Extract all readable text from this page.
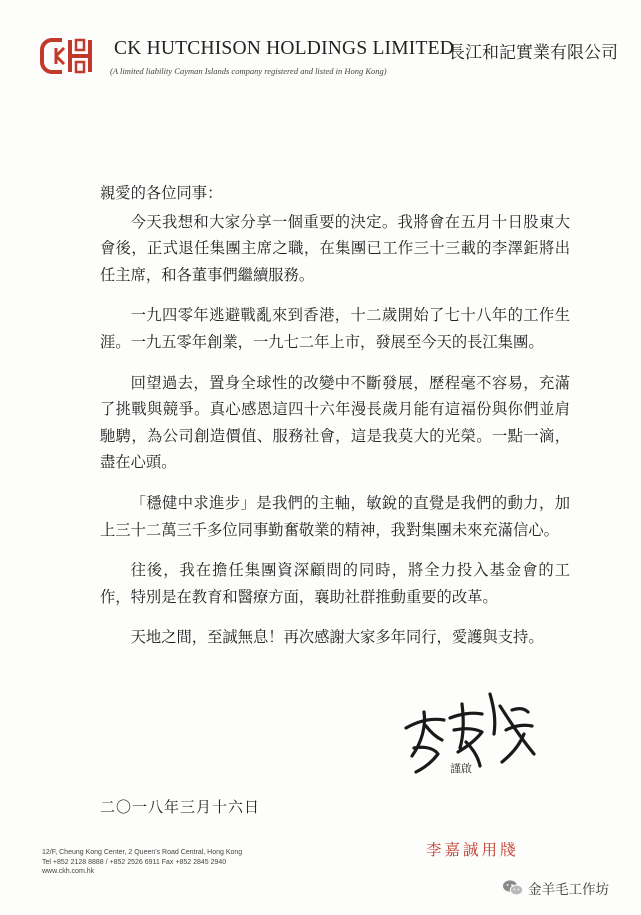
CK HUTCHISON HOLDINGS LIMITED
長江和記實業有限公司
(A limited liability Cayman Islands company registered and listed in Hong Kong)

親愛的各位同事：

今天我想和大家分享一個重要的決定。我將會在五月十日股東大會後，正式退任集團主席之職，在集團已工作三十三載的李澤鉅將出任主席，和各董事們繼續服務。

一九四零年逃避戰亂來到香港，十二歲開始了七十八年的工作生涯。一九五零年創業，一九七二年上市，發展至今天的長江集團。

回望過去，置身全球性的改變中不斷發展，歷程毫不容易，充滿了挑戰與競爭。真心感恩這四十六年漫長歲月能有這福份與你們並肩馳騁，為公司創造價值、服務社會，這是我莫大的光榮。一點一滴，盡在心頭。

「穩健中求進步」是我們的主軸，敏銳的直覺是我們的動力，加上三十二萬三千多位同事勤奮敬業的精神，我對集團未來充滿信心。

往後，我在擔任集團資深顧問的同時，將全力投入基金會的工作，特別是在教育和醫療方面，襄助社群推動重要的改革。

天地之間，至誠無息！再次感謝大家多年同行，愛護與支持。

謹啟
二〇一八年三月十六日
李嘉誠用牋
12/F, Cheung Kong Center, 2 Queen's Road Central, Hong Kong
Tel +852 2128 8888 / +852 2526 6911 Fax +852 2845 2940
www.ckh.com.hk
金羊毛工作坊
